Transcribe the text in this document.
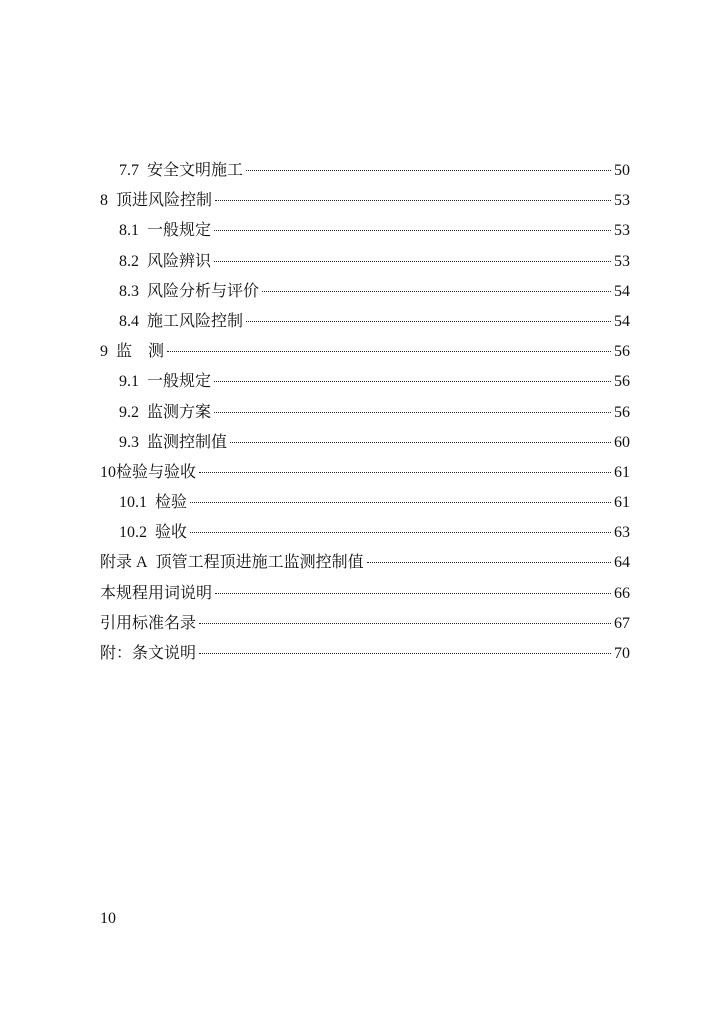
7.7 安全文明施工	50
8 顶进风险控制	53
8.1 一般规定	53
8.2 风险辨识	53
8.3 风险分析与评价	54
8.4 施工风险控制	54
9 监　测	56
9.1 一般规定	56
9.2 监测方案	56
9.3 监测控制值	60
10检验与验收	61
10.1 检验	61
10.2 验收	63
附录 A 顶管工程顶进施工监测控制值	64
本规程用词说明	66
引用标准名录	67
附：条文说明	70
10
